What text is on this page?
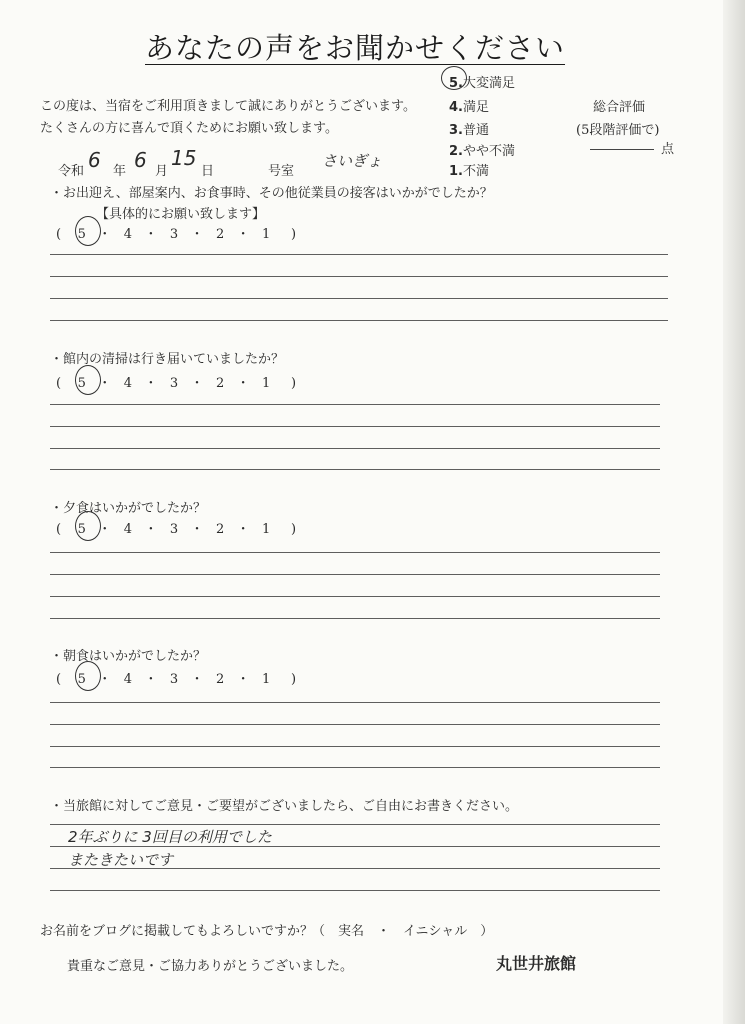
あなたの声をお聞かせください
この度は、当宿をご利用頂きまして誠にありがとうございます。
たくさんの方に喜んで頂くためにお願い致します。
5.大変満足
4.満足
3.普通
2.やや不満
1.不満
総合評価
(5段階評価で)
点
令和 6 年 6 月
15
日	号室
さいぎょ
・お出迎え、部屋案内、お食事時、その他従業員の接客はいかがでしたか？
【具体的にお願い致します】
( 5 ・ 4 ・ 3 ・ 2 ・ 1 )
・館内の清掃は行き届いていましたか？
( 5 ・ 4 ・ 3 ・ 2 ・ 1 )
・夕食はいかがでしたか？
( 5 ・ 4 ・ 3 ・ 2 ・ 1 )
・朝食はいかがでしたか？
( 5 ・ 4 ・ 3 ・ 2 ・ 1 )
・当旅館に対してご意見・ご要望がございましたら、ご自由にお書きください。
2年ぶりに 3回目の利用でした
またきたいです
お名前をブログに掲載してもよろしいですか？
（　実名　・　イニシャル　）
貴重なご意見・ご協力ありがとうございました。	丸世井旅館
